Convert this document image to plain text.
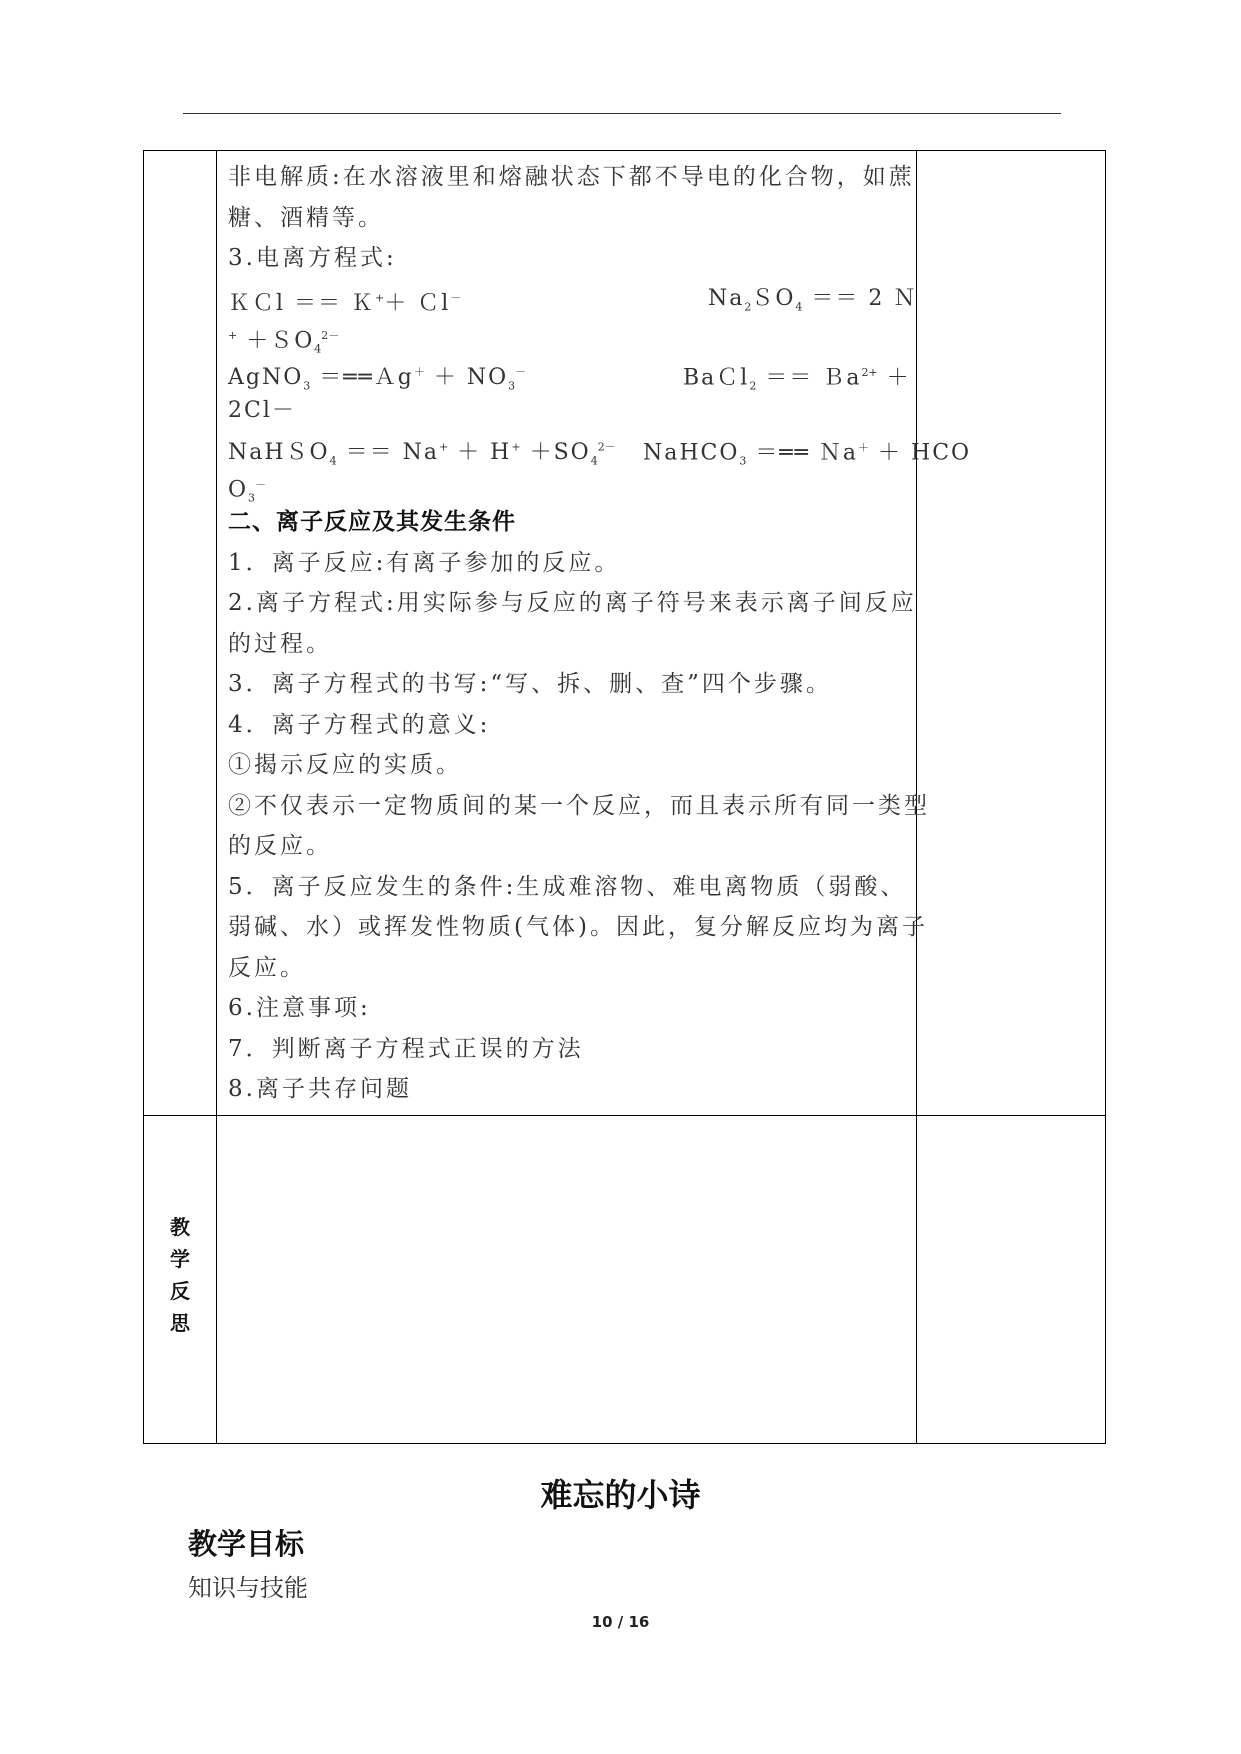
非电解质:在水溶液里和熔融状态下都不导电的化合物，如蔗
糖、酒精等。
3.电离方程式:
ＫＣl ＝＝ Ｋ+＋ Ｃl－	$Na_2SO_4 == 2$ Ｎ
+ ＋ＳO$_4^{2-}$
AgNO$_3$ ＝══Ａg＋ ＋ $NO_3^-$	BaＣl$_2$ ＝＝ Ｂa$^{2+}$ ＋
2Cl－
NaHＳO$_4$ ＝＝ $Na^+ + H^+ +SO_4^{2-}$ NaHCO$_3$ ＝══ Ｎa＋ ＋ HCO
$O_3^-$
二、离子反应及其发生条件
1．离子反应:有离子参加的反应。
2.离子方程式:用实际参与反应的离子符号来表示离子间反应
的过程。
3．离子方程式的书写:“写、拆、删、查”四个步骤。
4．离子方程式的意义:
①揭示反应的实质。
②不仅表示一定物质间的某一个反应，而且表示所有同一类型
的反应。
5．离子反应发生的条件:生成难溶物、难电离物质（弱酸、
弱碱、水）或挥发性物质(气体)。因此，复分解反应均为离子
反应。
6.注意事项:
7．判断离子方程式正误的方法
8.离子共存问题
教
学
反
思
难忘的小诗
教学目标
知识与技能
10 / 16
